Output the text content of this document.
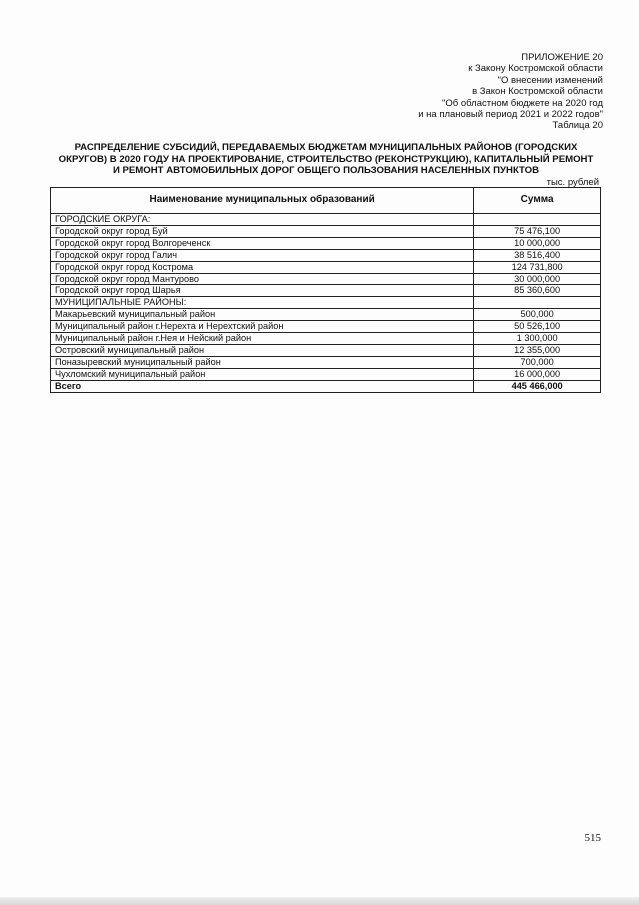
ПРИЛОЖЕНИЕ 20
к Закону Костромской области
"О внесении изменений
в Закон Костромской области
"Об областном бюджете на 2020 год
и на плановый период 2021 и 2022 годов"
Таблица 20
РАСПРЕДЕЛЕНИЕ СУБСИДИЙ, ПЕРЕДАВАЕМЫХ БЮДЖЕТАМ МУНИЦИПАЛЬНЫХ РАЙОНОВ (ГОРОДСКИХ
ОКРУГОВ) В 2020 ГОДУ НА ПРОЕКТИРОВАНИЕ, СТРОИТЕЛЬСТВО (РЕКОНСТРУКЦИЮ), КАПИТАЛЬНЫЙ РЕМОНТ
И РЕМОНТ АВТОМОБИЛЬНЫХ ДОРОГ ОБЩЕГО ПОЛЬЗОВАНИЯ НАСЕЛЕННЫХ ПУНКТОВ
тыс. рублей
Наименование муниципальных образований	Сумма
ГОРОДСКИЕ ОКРУГА:	
Городской округ город Буй	75 476,100
Городской округ город Волгореченск	10 000,000
Городской округ город Галич	38 516,400
Городской округ город Кострома	124 731,800
Городской округ город Мантурово	30 000,000
Городской округ город Шарья	85 360,600
МУНИЦИПАЛЬНЫЕ РАЙОНЫ:	
Макарьевский муниципальный район	500,000
Муниципальный район г.Нерехта и Нерехтский район	50 526,100
Муниципальный район г.Нея и Нейский район	1 300,000
Островский муниципальный район	12 355,000
Поназыревский муниципальный район	700,000
Чухломский муниципальный район	16 000,000
Всего	445 466,000
515
